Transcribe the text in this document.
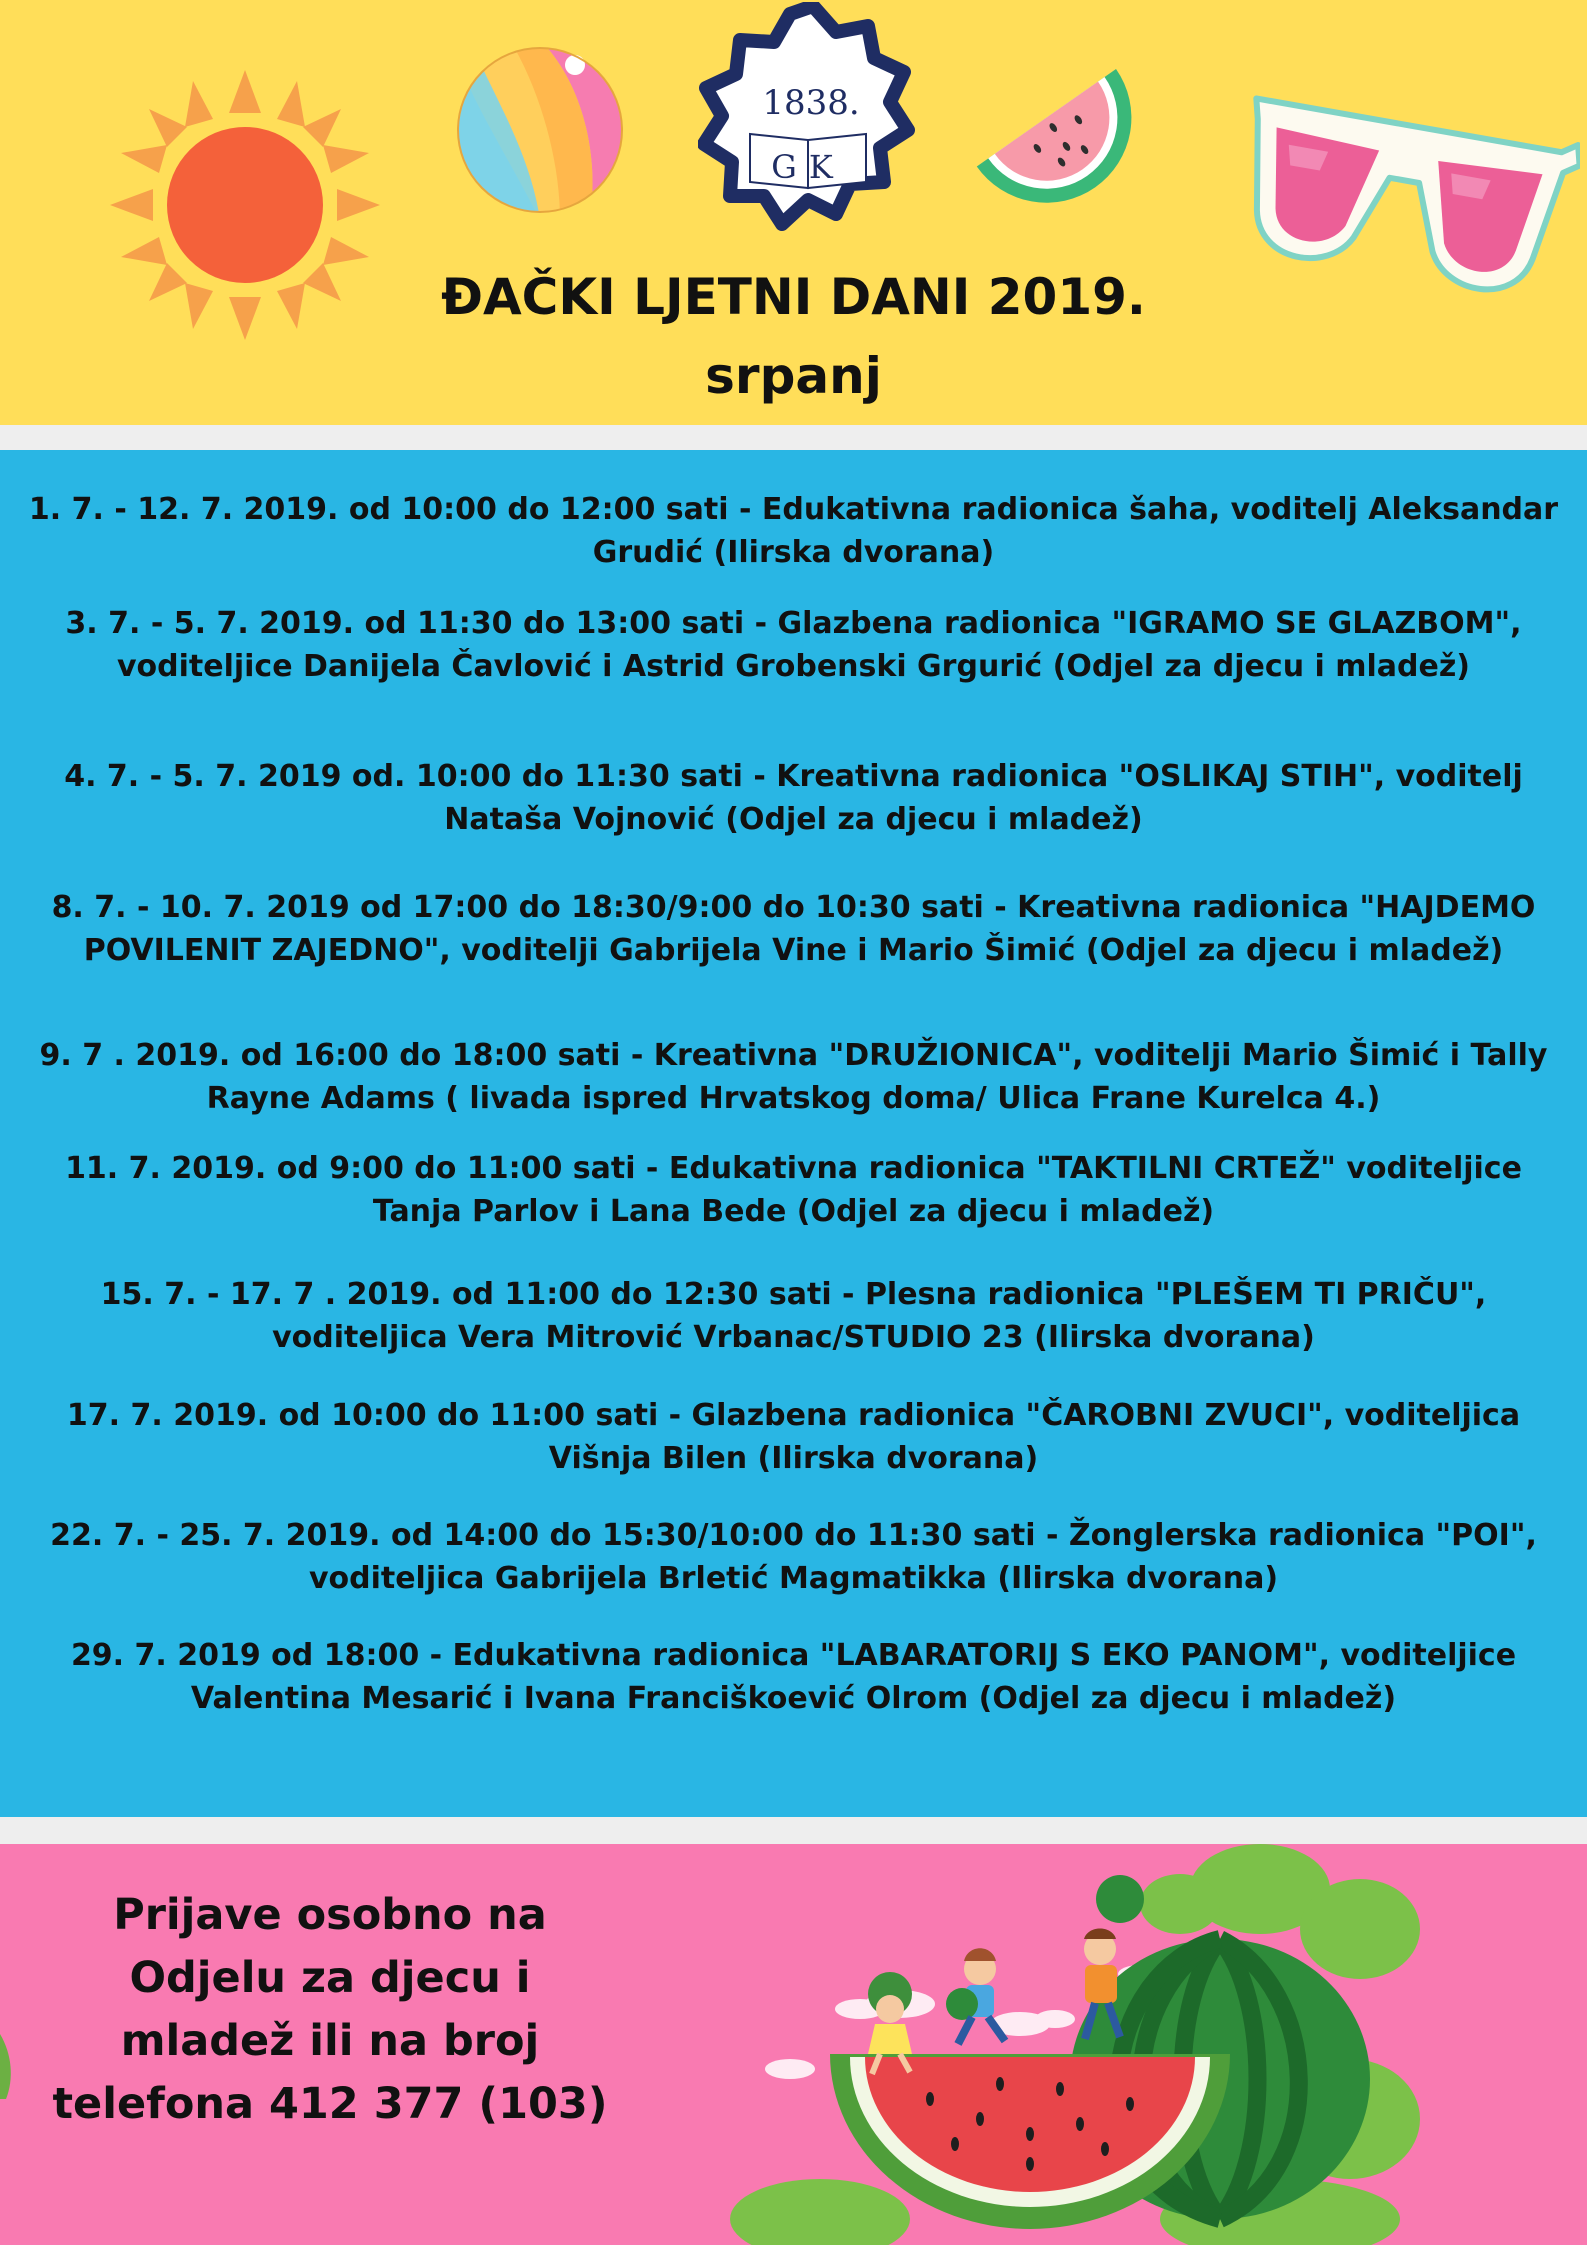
1838.
GK
ĐAČKI LJETNI DANI 2019.
srpanj
1. 7. - 12. 7. 2019. od 10:00 do 12:00 sati - Edukativna radionica šaha, voditelj Aleksandar Grudić (Ilirska dvorana)
3. 7. - 5. 7. 2019. od 11:30 do 13:00 sati - Glazbena radionica "IGRAMO SE GLAZBOM", voditeljice Danijela Čavlović i Astrid Grobenski Grgurić (Odjel za djecu i mladež)
4. 7. - 5. 7. 2019 od. 10:00 do 11:30 sati - Kreativna radionica "OSLIKAJ STIH", voditelj Nataša Vojnović (Odjel za djecu i mladež)
8. 7. - 10. 7. 2019 od 17:00 do 18:30/9:00 do 10:30 sati - Kreativna radionica "HAJDEMO POVILENIT ZAJEDNO", voditelji Gabrijela Vine i Mario Šimić (Odjel za djecu i mladež)
9. 7 . 2019. od 16:00 do 18:00 sati - Kreativna "DRUŽIONICA", voditelji Mario Šimić i Tally Rayne Adams ( livada ispred Hrvatskog doma/ Ulica Frane Kurelca 4.)
11. 7. 2019. od 9:00 do 11:00 sati - Edukativna radionica "TAKTILNI CRTEŽ" voditeljice Tanja Parlov i Lana Bede (Odjel za djecu i mladež)
15. 7. - 17. 7 . 2019. od 11:00 do 12:30 sati - Plesna radionica "PLEŠEM TI PRIČU", voditeljica Vera Mitrović Vrbanac/STUDIO 23 (Ilirska dvorana)
17. 7. 2019. od 10:00 do 11:00 sati - Glazbena radionica "ČAROBNI ZVUCI", voditeljica Višnja Bilen (Ilirska dvorana)
22. 7. - 25. 7. 2019. od 14:00 do 15:30/10:00 do 11:30 sati - Žonglerska radionica "POI", voditeljica Gabrijela Brletić Magmatikka (Ilirska dvorana)
29. 7. 2019 od 18:00 - Edukativna radionica "LABARATORIJ S EKO PANOM", voditeljice Valentina Mesarić i Ivana Franciškoević Olrom (Odjel za djecu i mladež)
Prijave osobno na
Odjelu za djecu i
mladež ili na broj
telefona 412 377 (103)
